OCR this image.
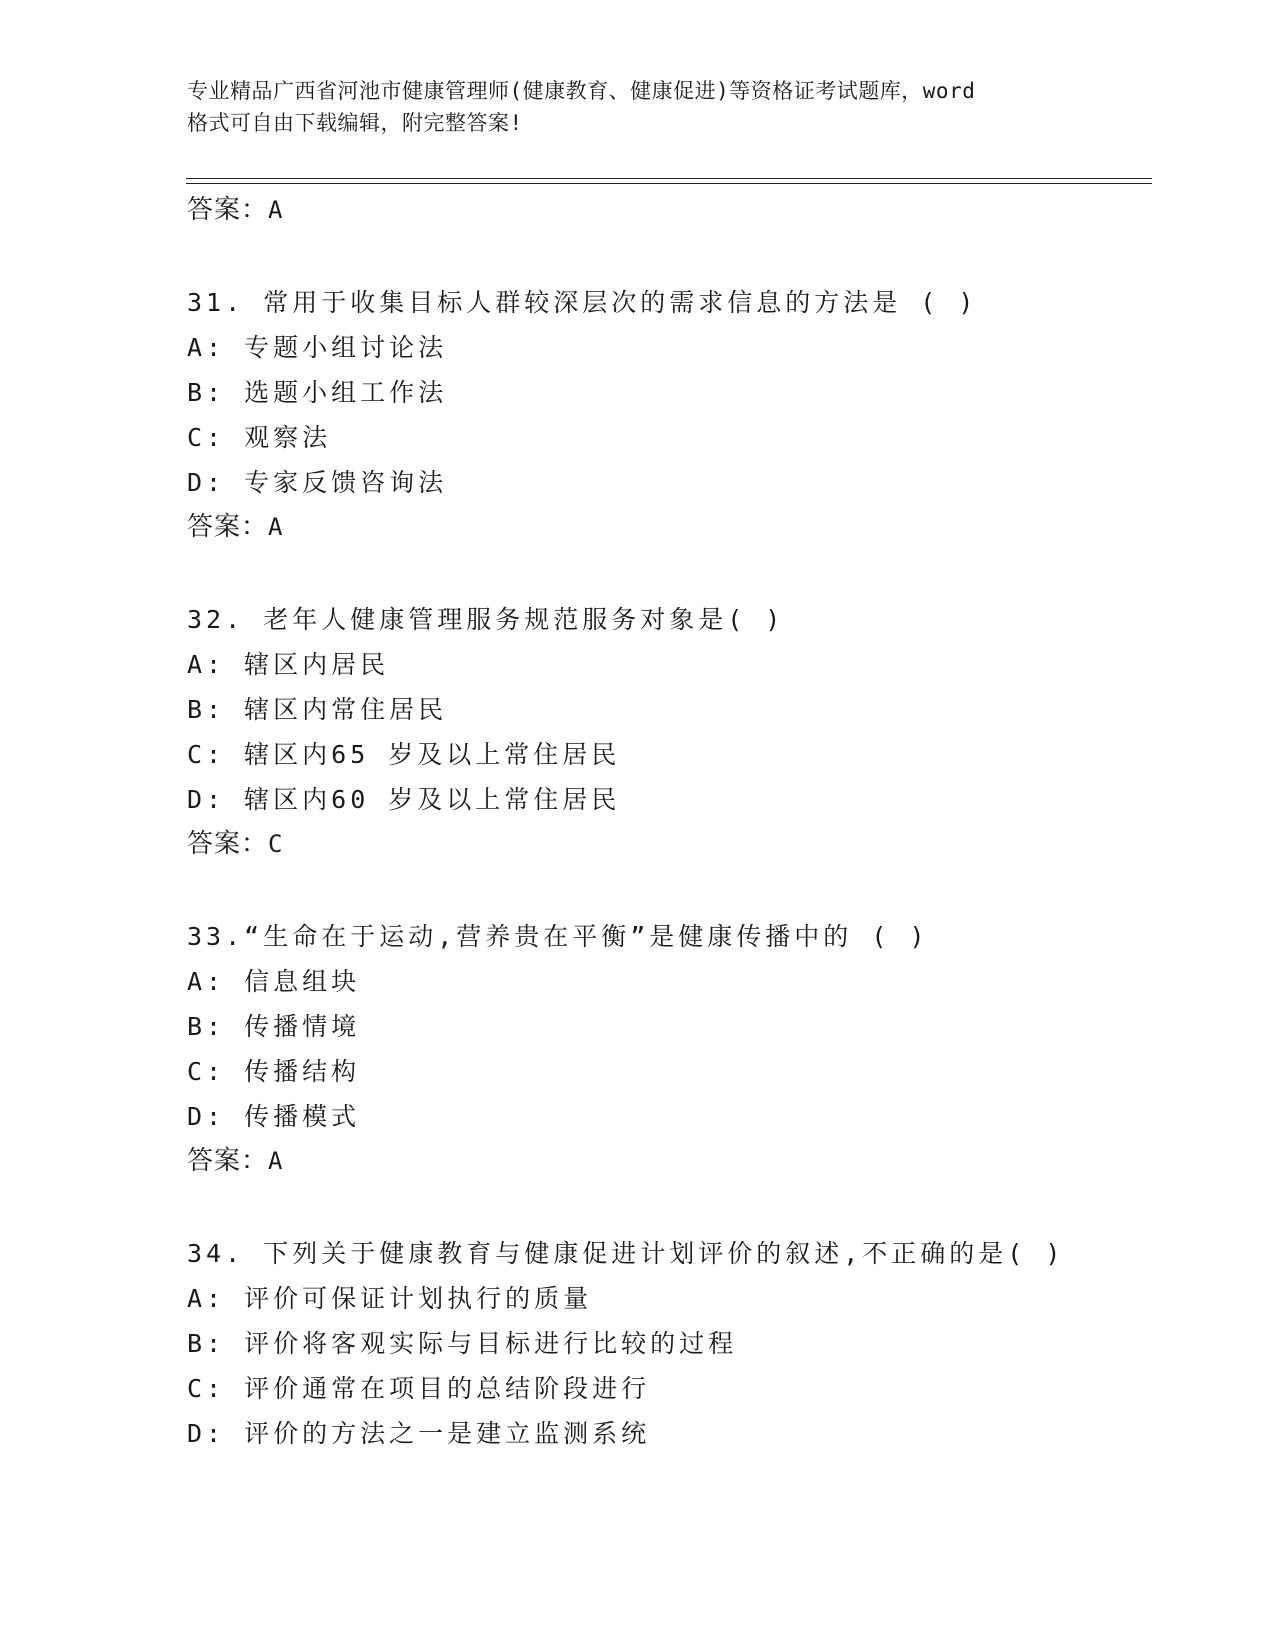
专业精品广西省河池市健康管理师(健康教育、健康促进)等资格证考试题库，word
格式可自由下载编辑，附完整答案!
答案：A
31. 常用于收集目标人群较深层次的需求信息的方法是 ( )
A: 专题小组讨论法
B: 选题小组工作法
C: 观察法
D: 专家反馈咨询法
答案：A
32. 老年人健康管理服务规范服务对象是( )
A: 辖区内居民
B: 辖区内常住居民
C: 辖区内65 岁及以上常住居民
D: 辖区内60 岁及以上常住居民
答案：C
33.“生命在于运动,营养贵在平衡”是健康传播中的 ( )
A: 信息组块
B: 传播情境
C: 传播结构
D: 传播模式
答案：A
34. 下列关于健康教育与健康促进计划评价的叙述,不正确的是( )
A: 评价可保证计划执行的质量
B: 评价将客观实际与目标进行比较的过程
C: 评价通常在项目的总结阶段进行
D: 评价的方法之一是建立监测系统
